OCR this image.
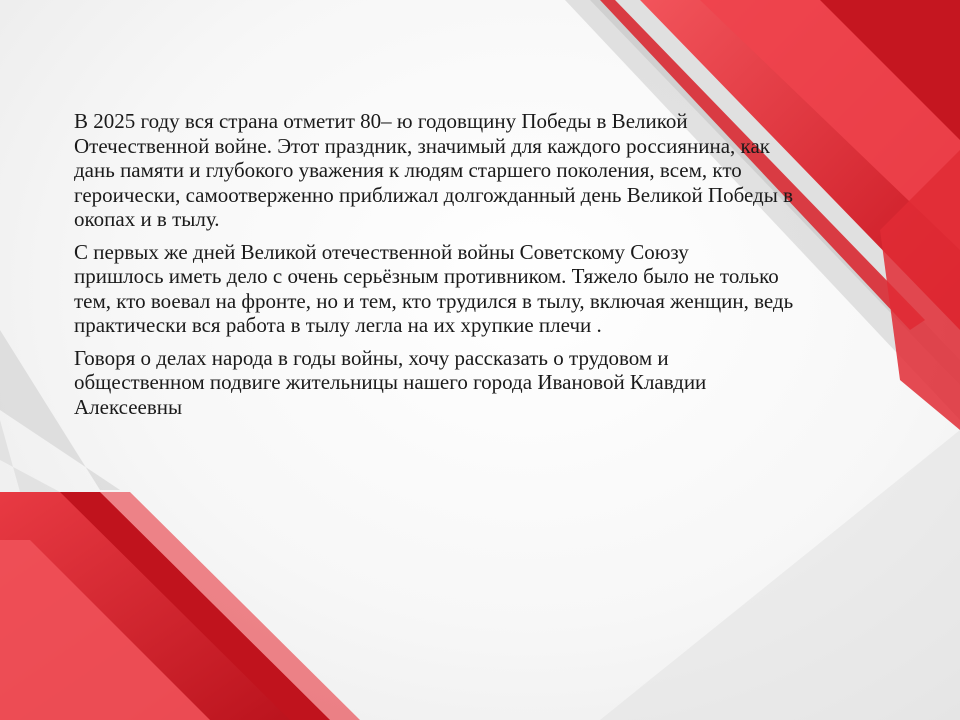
В 2025 году вся страна отметит 80– ю годовщину Победы в Великой
Отечественной войне. Этот праздник, значимый для каждого россиянина, как
дань памяти и глубокого уважения к людям старшего поколения, всем, кто
героически, самоотверженно приближал долгожданный день Великой Победы в
окопах и в тылу.

С первых же дней Великой отечественной войны Советскому Союзу
пришлось иметь дело с очень серьёзным противником. Тяжело было не только
тем, кто воевал на фронте, но и тем, кто трудился в тылу, включая женщин, ведь
практически вся работа в тылу легла на их хрупкие плечи .

Говоря о делах народа в годы войны, хочу рассказать о трудовом и
общественном подвиге жительницы нашего города Ивановой Клавдии
Алексеевны
